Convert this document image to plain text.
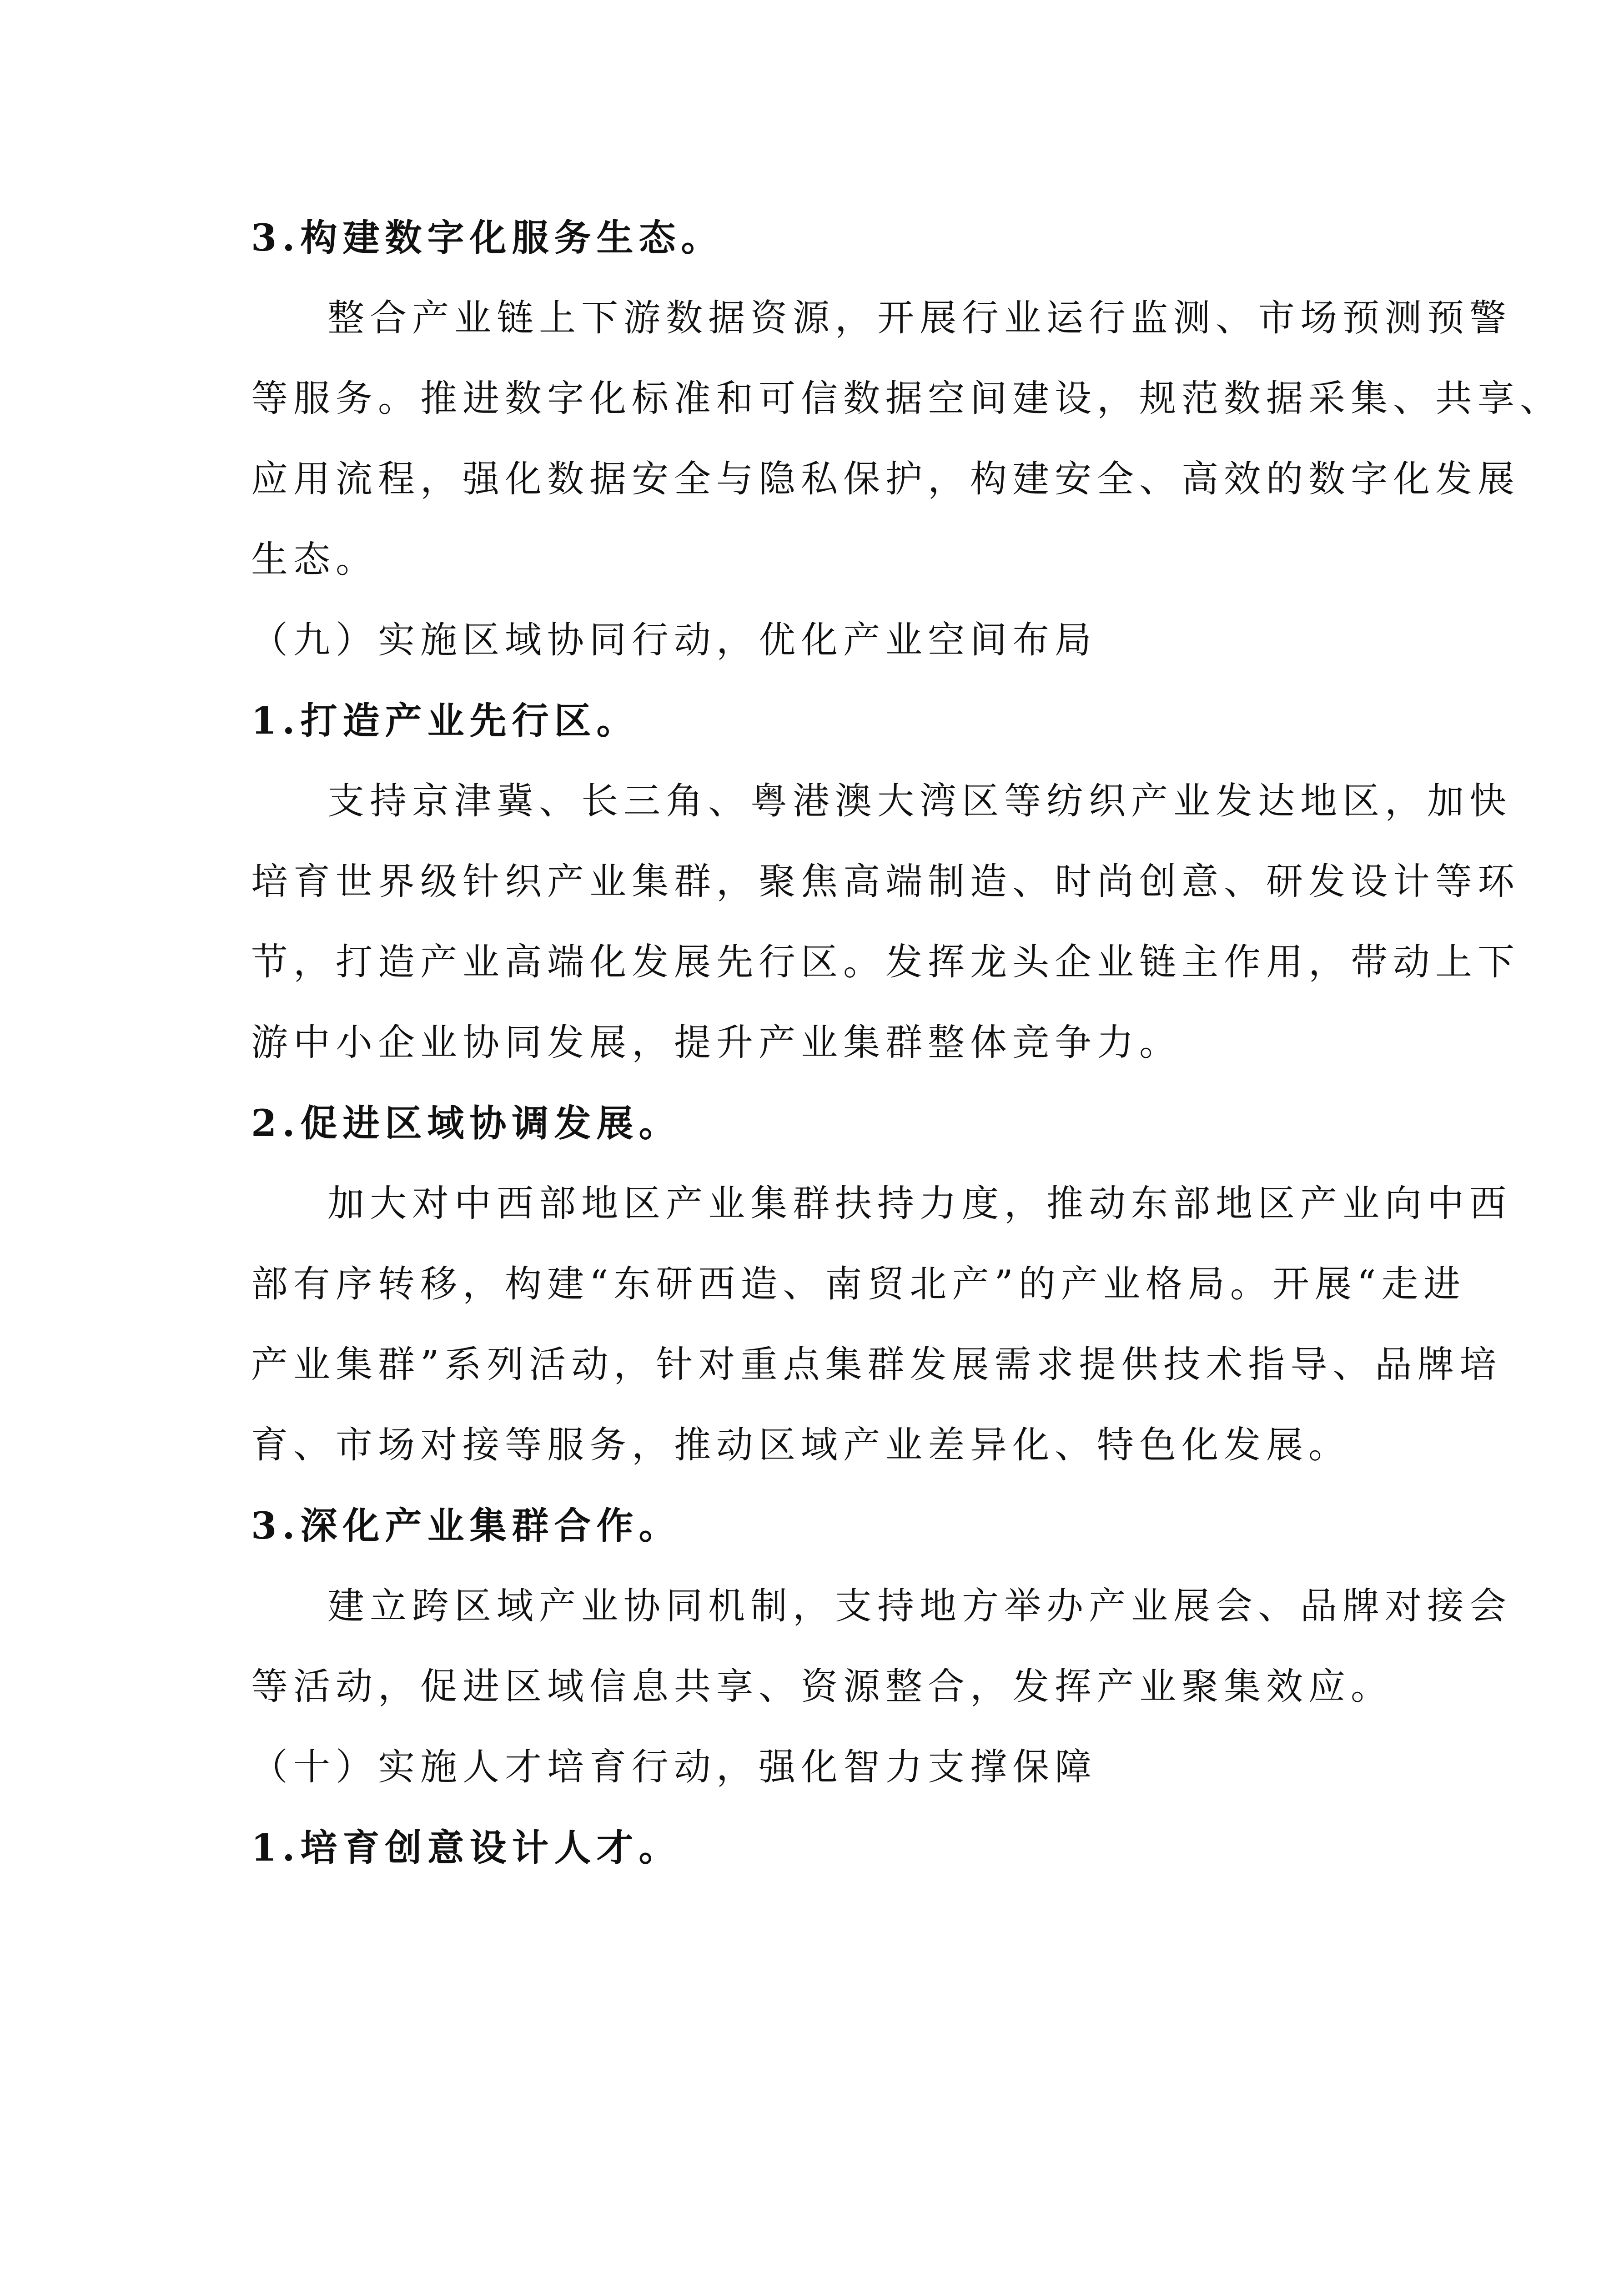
3.构建数字化服务生态。
整合产业链上下游数据资源，开展行业运行监测、市场预测预警
等服务。推进数字化标准和可信数据空间建设，规范数据采集、共享、
应用流程，强化数据安全与隐私保护，构建安全、高效的数字化发展
生态。
（九）实施区域协同行动，优化产业空间布局
1.打造产业先行区。
支持京津冀、长三角、粤港澳大湾区等纺织产业发达地区，加快
培育世界级针织产业集群，聚焦高端制造、时尚创意、研发设计等环
节，打造产业高端化发展先行区。发挥龙头企业链主作用，带动上下
游中小企业协同发展，提升产业集群整体竞争力。
2.促进区域协调发展。
加大对中西部地区产业集群扶持力度，推动东部地区产业向中西
部有序转移，构建“东研西造、南贸北产”的产业格局。开展“走进
产业集群”系列活动，针对重点集群发展需求提供技术指导、品牌培
育、市场对接等服务，推动区域产业差异化、特色化发展。
3.深化产业集群合作。
建立跨区域产业协同机制，支持地方举办产业展会、品牌对接会
等活动，促进区域信息共享、资源整合，发挥产业聚集效应。
（十）实施人才培育行动，强化智力支撑保障
1.培育创意设计人才。
